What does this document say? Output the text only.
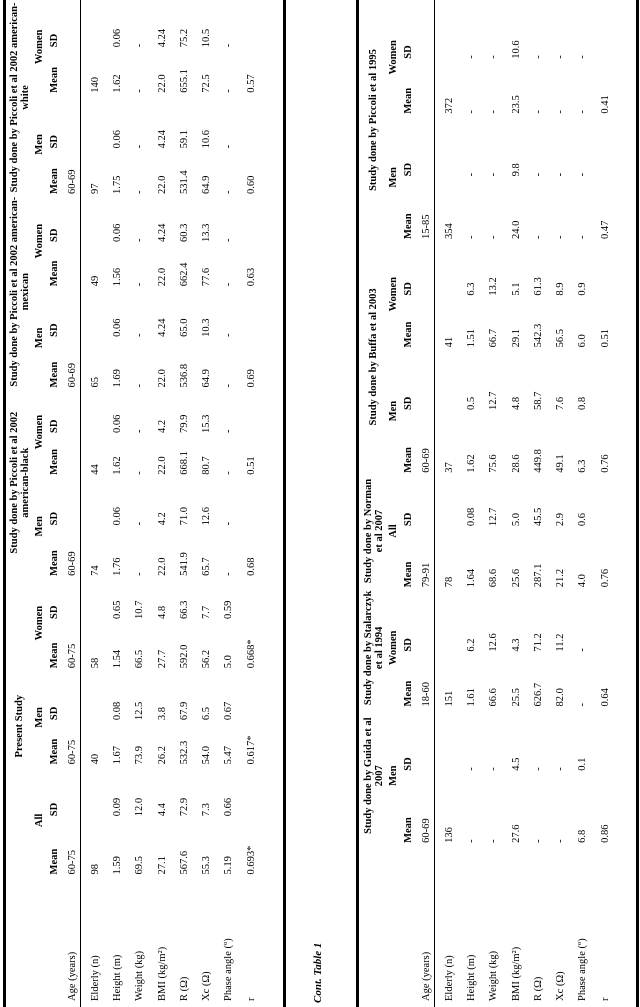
	Present Study						Study done by Piccoli et al 2002 american-black				Study done by Piccoli et al 2002 american-mexican				Study done by Piccoli et al 2002 american-white			
	All		Men		Women		Men		Women		Men		Women		Men		Women	
	Mean	SD	Mean	SD	Mean	SD	Mean	SD	Mean	SD	Mean	SD	Mean	SD	Mean	SD	Mean	SD
Age (years)	60-75		60-75		60-75		60-69				60-69				60-69			
Elderly (n)	98		40		58		74		44		65		49		97		140	
Height (m)	1.59	0.09	1.67	0.08	1.54	0.65	1.76	0.06	1.62	0.06	1.69	0.06	1.56	0.06	1.75	0.06	1.62	0.06
Weight (kg)	69.5	12.0	73.9	12.5	66.5	10.7	-	-	-	-	-	-	-	-	-	-	-	-
BMI (kg/m²)	27.1	4.4	26.2	3.8	27.7	4.8	22.0	4.2	22.0	4.2	22.0	4.24	22.0	4.24	22.0	4.24	22.0	4.24
R (Ω)	567.6	72.9	532.3	67.9	592.0	66.3	541.9	71.0	668.1	79.9	536.8	65.0	662.4	60.3	531.4	59.1	655.1	75.2
Xc (Ω)	55.3	7.3	54.0	6.5	56.2	7.7	65.7	12.6	80.7	15.3	64.9	10.3	77.6	13.3	64.9	10.6	72.5	10.5
Phase angle (º)	5.19	0.66	5.47	0.67	5.0	0.59	-	-	-	-	-	-	-	-	-	-	-	-
r	0.693*		0.617*		0.668*		0.68		0.51		0.69		0.63		0.60		0.57	
Cont. Table 1
	Study done by Guida et al 2007		Study done by Stalarczyk et al 1994		Study done by Norman et al 2007		Study done by Buffa et al 2003				Study done by Piccoli et al 1995			
	Men		Women		All		Men		Women		Men		Women	
	Mean	SD	Mean	SD	Mean	SD	Mean	SD	Mean	SD	Mean	SD	Mean	SD
Age (years)	60-69		18-60		79-91		60-69				15-85			
Elderly (n)	136		151		78		37		41		354		372	
Height (m)	-	-	1.61	6.2	1.64	0.08	1.62	0.5	1.51	6.3	-	-	-	-
Weight (kg)	-	-	66.6	12.6	68.6	12.7	75.6	12.7	66.7	13.2	-	-	-	-
BMI (kg/m²)	27.6	4.5	25.5	4.3	25.6	5.0	28.6	4.8	29.1	5.1	24.0	9.8	23.5	10.6
R (Ω)	-	-	626.7	71.2	287.1	45.5	449.8	58.7	542.3	61.3	-	-	-	-
Xc (Ω)	-	-	82.0	11.2	21.2	2.9	49.1	7.6	56.5	8.9	-	-	-	-
Phase angle (º)	6.8	0.1	-	-	4.0	0.6	6.3	0.8	6.0	0.9	-	-	-	-
r	0.86		0.64		0.76		0.76		0.51		0.47		0.41	
